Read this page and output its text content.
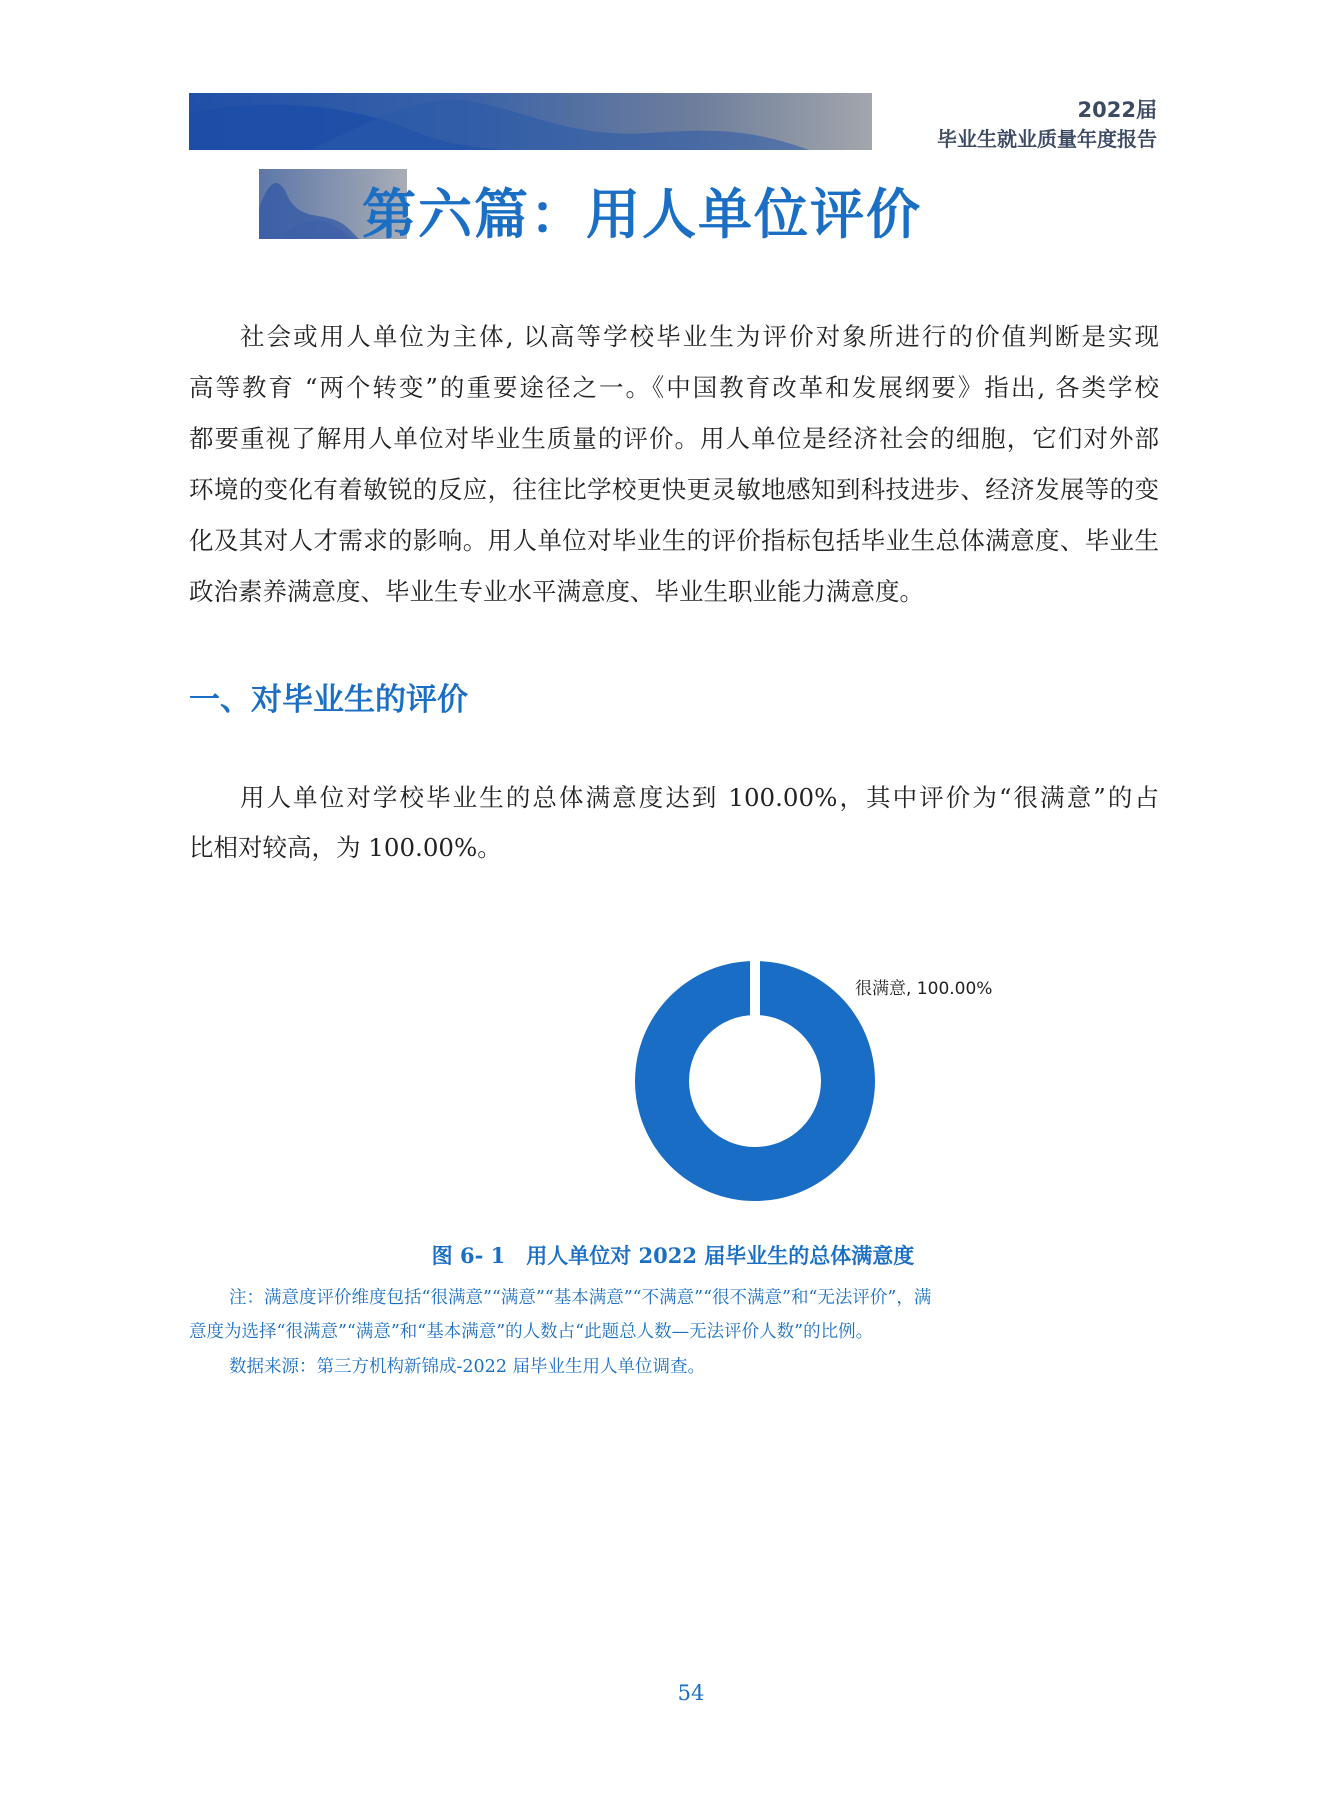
2022届
毕业生就业质量年度报告
第六篇：用人单位评价
社会或用人单位为主体, 以高等学校毕业生为评价对象所进行的价值判断是实现
高等教育 “两个转变”的重要途径之一。《中国教育改革和发展纲要》指出, 各类学校
都要重视了解用人单位对毕业生质量的评价。用人单位是经济社会的细胞，它们对外部
环境的变化有着敏锐的反应，往往比学校更快更灵敏地感知到科技进步、经济发展等的变
化及其对人才需求的影响。用人单位对毕业生的评价指标包括毕业生总体满意度、毕业生
政治素养满意度、毕业生专业水平满意度、毕业生职业能力满意度。
一、对毕业生的评价
用人单位对学校毕业生的总体满意度达到 100.00%，其中评价为“很满意”的占
比相对较高，为 100.00%。
很满意, 100.00%
图 6- 1　用人单位对 2022 届毕业生的总体满意度
注：满意度评价维度包括“很满意”“满意”“基本满意”“不满意”“很不满意”和“无法评价”，满
意度为选择“很满意”“满意”和“基本满意”的人数占“此题总人数—无法评价人数”的比例。
数据来源：第三方机构新锦成-2022 届毕业生用人单位调查。
54
